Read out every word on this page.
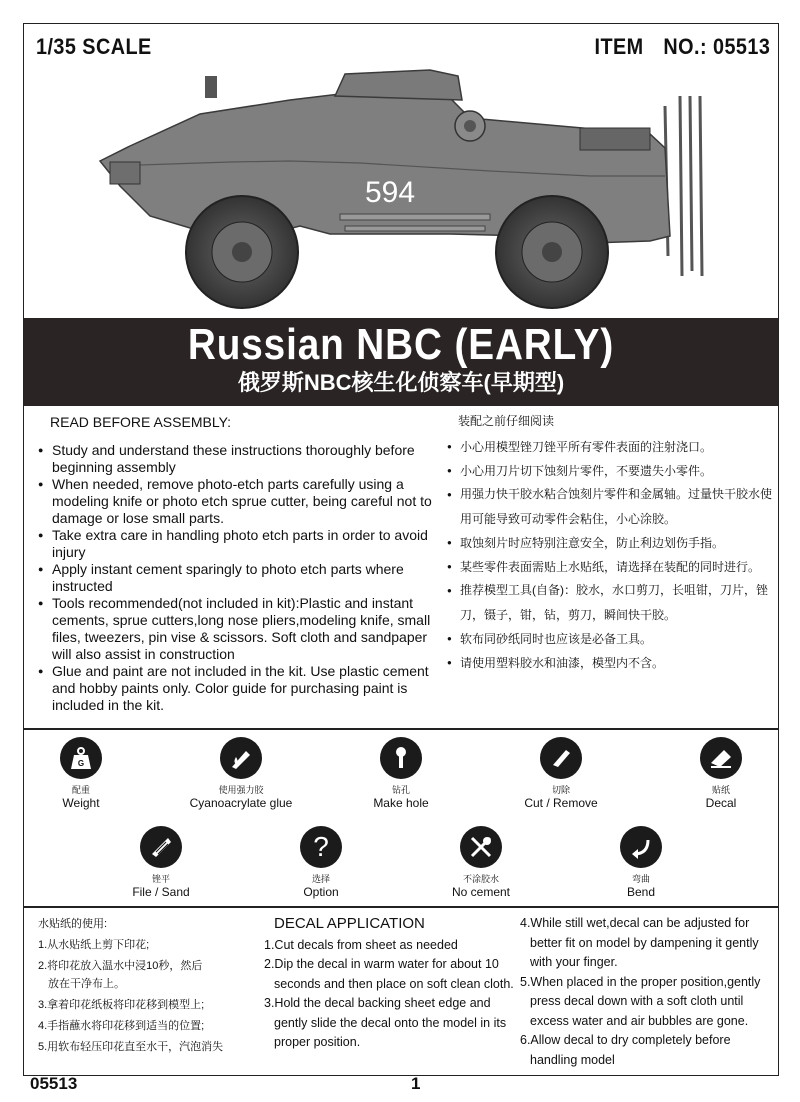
1/35 SCALE	ITEM NO.: 05513
594
Russian NBC (EARLY)
俄罗斯NBC核生化侦察车(早期型)
READ BEFORE ASSEMBLY:
● Study and understand these instructions thoroughly before beginning assembly
● When needed, remove photo-etch parts carefully using a modeling knife or photo etch sprue cutter, being careful not to damage or lose small parts.
● Take extra care in handling photo etch parts in order to avoid injury
● Apply instant cement sparingly to photo etch parts where instructed
● Tools recommended(not included in kit):Plastic and instant cements, sprue cutters,long nose pliers,modeling knife, small files, tweezers, pin vise & scissors. Soft cloth and sandpaper will also assist in construction
● Glue and paint are not included in the kit. Use plastic cement and hobby paints only. Color guide for purchasing paint is included in the kit.
装配之前仔细阅读
● 小心用模型锉刀锉平所有零件表面的注射浇口。
● 小心用刀片切下蚀刻片零件，不要遗失小零件。
● 用强力快干胶水粘合蚀刻片零件和金属轴。过量快干胶水使用可能导致可动零件会粘住，小心涂胶。
● 取蚀刻片时应特别注意安全，防止利边划伤手指。
● 某些零件表面需贴上水贴纸，请选择在装配的同时进行。
● 推荐模型工具(自备)：胶水，水口剪刀，长咀钳，刀片，锉刀，镊子，钳，钻，剪刀，瞬间快干胶。
● 软布同砂纸同时也应该是必备工具。
● 请使用塑料胶水和油漆，模型内不含。
G
配重
Weight
使用强力胶
Cyanoacrylate glue
钻孔
Make hole
切除
Cut / Remove
贴纸
Decal
锉平
File / Sand
?
选择
Option
不涂胶水
No cement
弯曲
Bend
水贴纸的使用:
1.从水贴纸上剪下印花;
2.将印花放入温水中浸10秒，然后
放在干净布上。
3.拿着印花纸板将印花移到模型上;
4.手指蘸水将印花移到适当的位置;
5.用软布轻压印花直至水干，汽泡消失
DECAL APPLICATION
1.Cut decals from sheet as needed
2.Dip the decal in warm water for about 10
seconds and then place on soft clean cloth.
3.Hold the decal backing sheet edge and
gently slide the decal onto the model in its
proper position.
4.While still wet,decal can be adjusted for
better fit on model by dampening it gently
with your finger.
5.When placed in the proper position,gently
press decal down with a soft cloth until
excess water and air bubbles are gone.
6.Allow decal to dry completely before
handling model
05513	1
